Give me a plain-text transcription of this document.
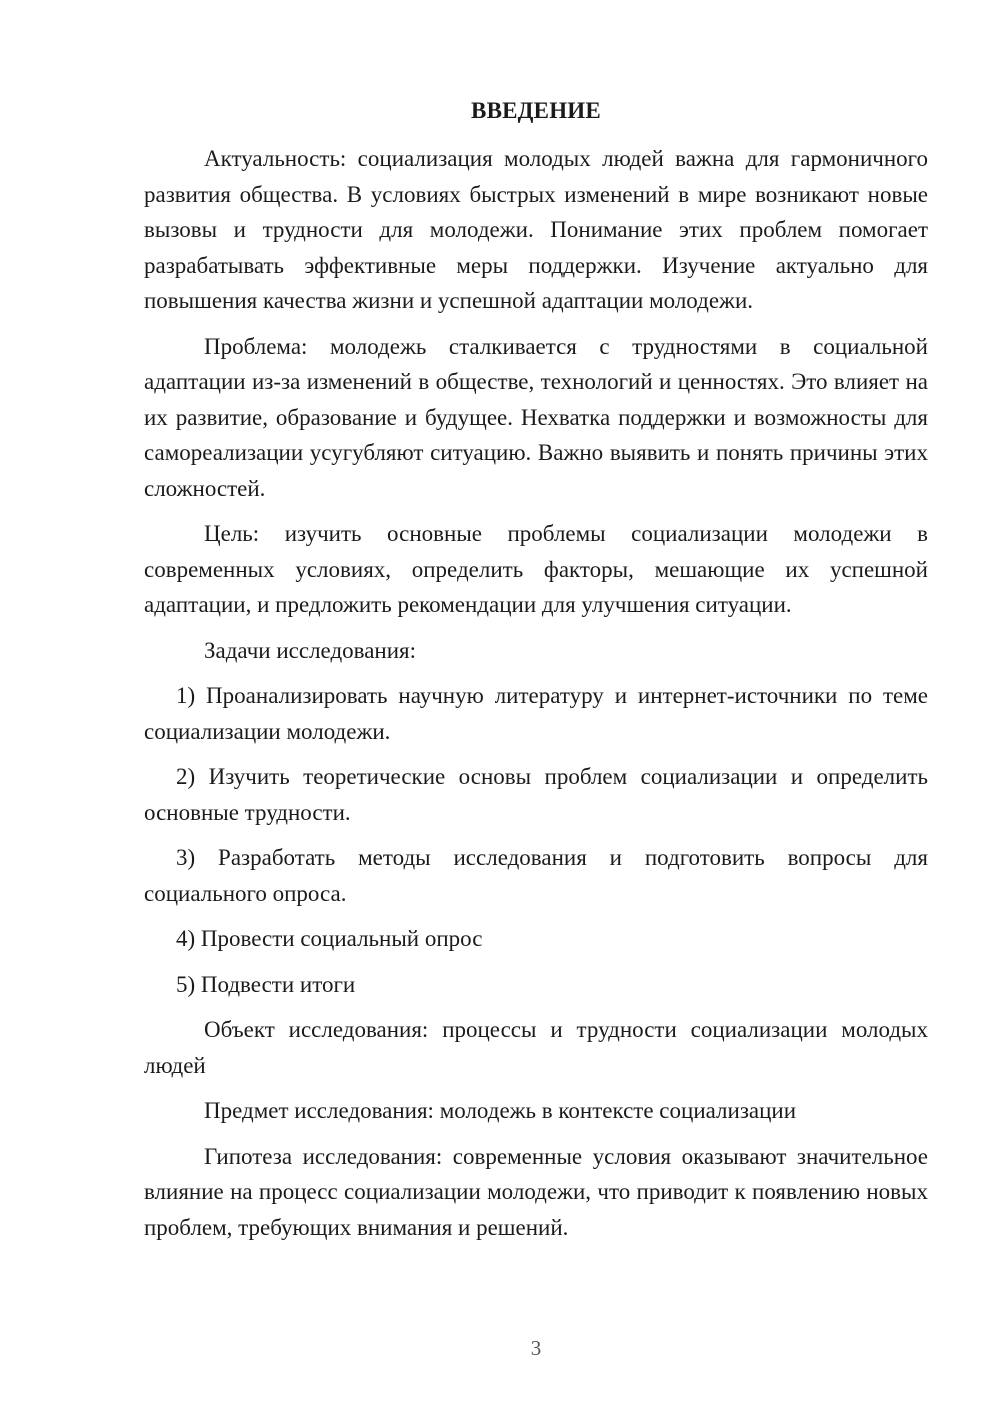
ВВЕДЕНИЕ

Актуальность: социализация молодых людей важна для гармоничного развития общества. В условиях быстрых изменений в мире возникают новые вызовы и трудности для молодежи. Понимание этих проблем помогает разрабатывать эффективные меры поддержки. Изучение актуально для повышения качества жизни и успешной адаптации молодежи.

Проблема: молодежь сталкивается с трудностями в социальной адаптации из-за изменений в обществе, технологий и ценностях. Это влияет на их развитие, образование и будущее. Нехватка поддержки и возможносты для самореализации усугубляют ситуацию. Важно выявить и понять причины этих сложностей.

Цель: изучить основные проблемы социализации молодежи в современных условиях, определить факторы, мешающие их успешной адаптации, и предложить рекомендации для улучшения ситуации.

Задачи исследования:

1) Проанализировать научную литературу и интернет-источники по теме социализации молодежи.

2) Изучить теоретические основы проблем социализации и определить основные трудности.

3) Разработать методы исследования и подготовить вопросы для социального опроса.

4) Провести социальный опрос

5) Подвести итоги

Объект исследования: процессы и трудности социализации молодых людей

Предмет исследования: молодежь в контексте социализации

Гипотеза исследования: современные условия оказывают значительное влияние на процесс социализации молодежи, что приводит к появлению новых проблем, требующих внимания и решений.

3
